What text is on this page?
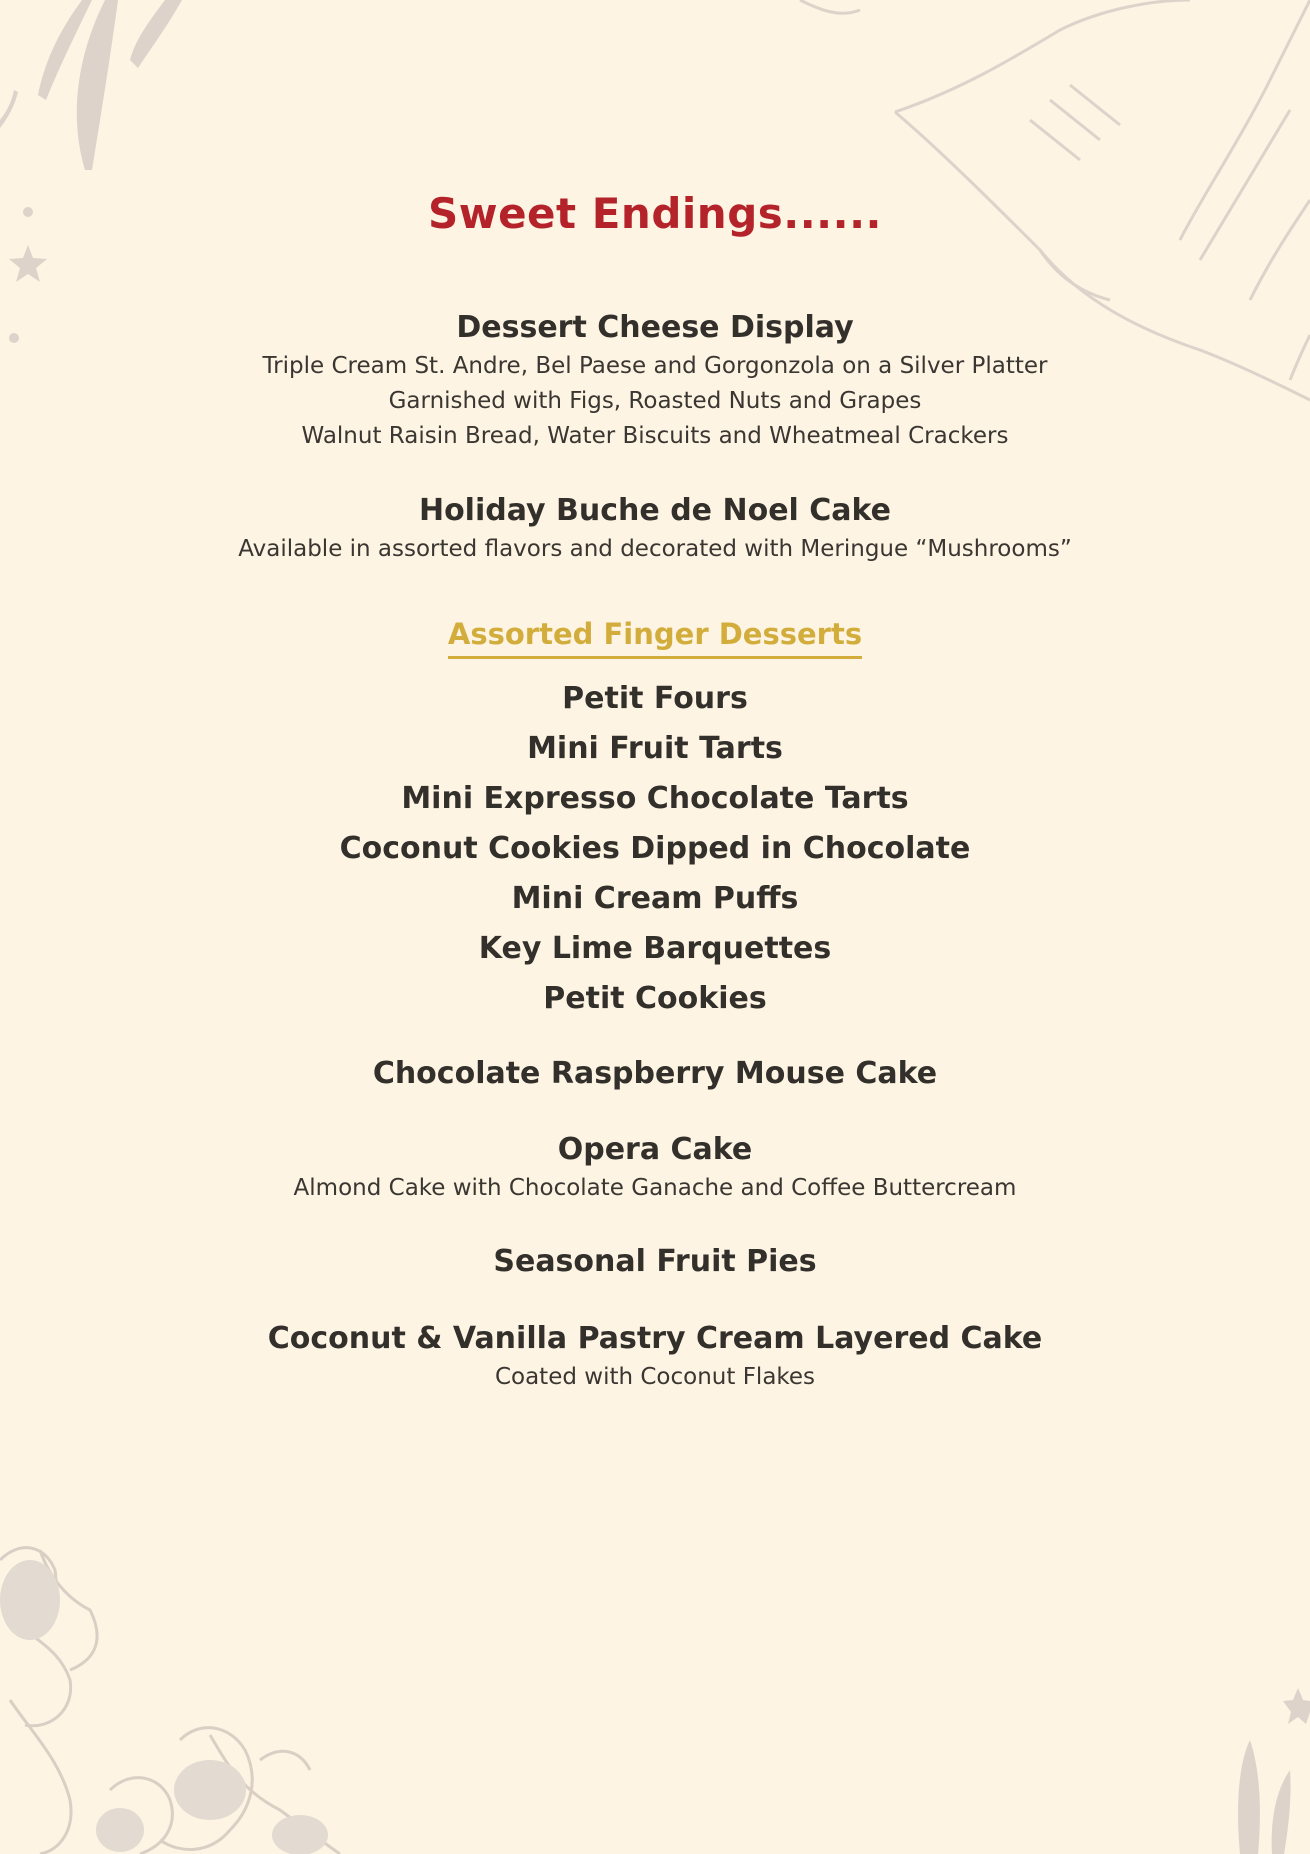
Sweet Endings......
Dessert Cheese Display

Triple Cream St. Andre, Bel Paese and Gorgonzola on a Silver Platter

Garnished with Figs, Roasted Nuts and Grapes

Walnut Raisin Bread, Water Biscuits and Wheatmeal Crackers

Holiday Buche de Noel Cake

Available in assorted flavors and decorated with Meringue “Mushrooms”

Assorted Finger Desserts
Petit Fours
Mini Fruit Tarts
Mini Expresso Chocolate Tarts
Coconut Cookies Dipped in Chocolate
Mini Cream Puffs
Key Lime Barquettes
Petit Cookies
Chocolate Raspberry Mouse Cake
Opera Cake

Almond Cake with Chocolate Ganache and Coffee Buttercream

Seasonal Fruit Pies
Coconut & Vanilla Pastry Cream Layered Cake

Coated with Coconut Flakes
